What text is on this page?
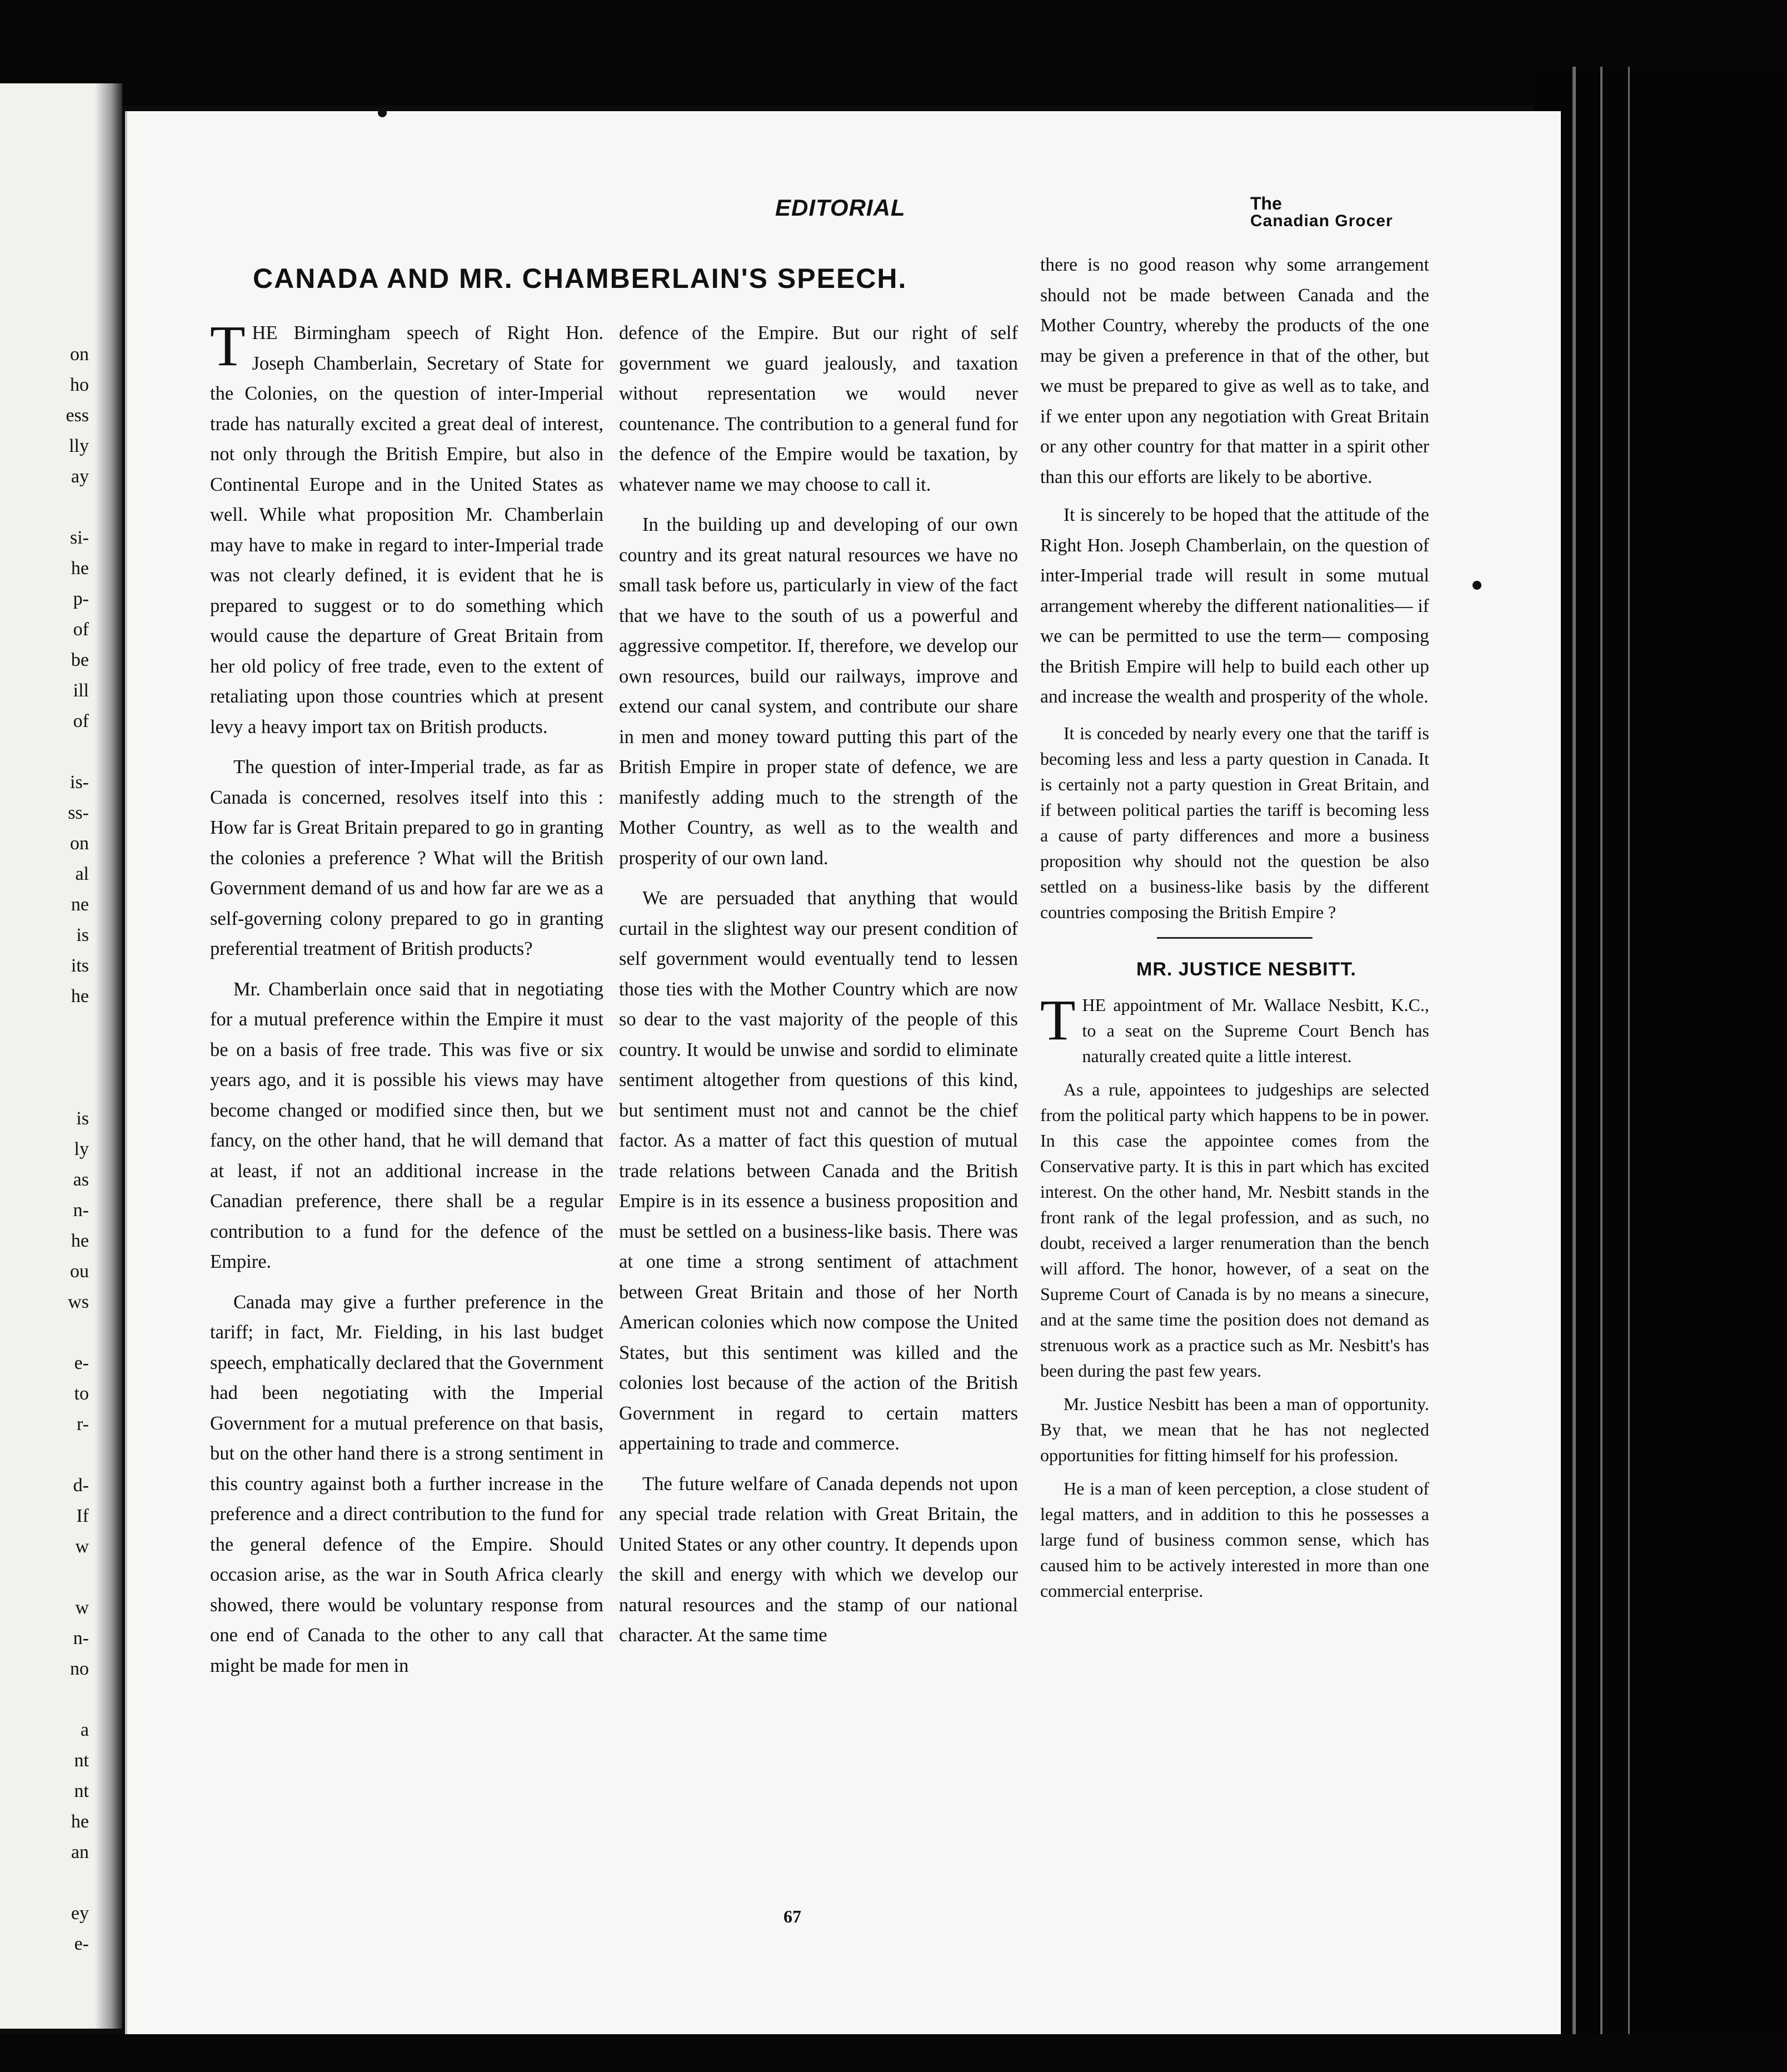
on
ho
ess
lly
ay
si-
he
p-
of
be
ill
of
is-
ss-
on
al
ne
is
its
he
is
ly
as
n-
he
ou
ws
e-
to
r-
d-
If
w
w
n-
no
a
nt
nt
he
an
ey
e-
EDITORIAL	The
Canadian Grocer
CANADA AND MR. CHAMBERLAIN'S SPEECH.

THE Birmingham speech of Right Hon. Joseph Chamberlain, Secretary of State for the Colonies, on the question of inter-Imperial trade has naturally excited a great deal of interest, not only through the British Empire, but also in Continental Europe and in the United States as well. While what proposition Mr. Chamberlain may have to make in regard to inter-Imperial trade was not clearly defined, it is evident that he is prepared to suggest or to do something which would cause the departure of Great Britain from her old policy of free trade, even to the extent of retaliating upon those countries which at present levy a heavy import tax on British products.

The question of inter-Imperial trade, as far as Canada is concerned, resolves itself into this : How far is Great Britain prepared to go in granting the colonies a preference ? What will the British Government demand of us and how far are we as a self-governing colony prepared to go in granting preferential treatment of British products?

Mr. Chamberlain once said that in negotiating for a mutual preference within the Empire it must be on a basis of free trade. This was five or six years ago, and it is possible his views may have become changed or modified since then, but we fancy, on the other hand, that he will demand that at least, if not an additional increase in the Canadian preference, there shall be a regular contribution to a fund for the defence of the Empire.

Canada may give a further preference in the tariff; in fact, Mr. Fielding, in his last budget speech, emphatically declared that the Government had been negotiating with the Imperial Government for a mutual preference on that basis, but on the other hand there is a strong sentiment in this country against both a further increase in the preference and a direct contribution to the fund for the general defence of the Empire. Should occasion arise, as the war in South Africa clearly showed, there would be voluntary response from one end of Canada to the other to any call that might be made for men in

defence of the Empire. But our right of self government we guard jealously, and taxation without representation we would never countenance. The contribution to a general fund for the defence of the Empire would be taxation, by whatever name we may choose to call it.

In the building up and developing of our own country and its great natural resources we have no small task before us, particularly in view of the fact that we have to the south of us a powerful and aggressive competitor. If, therefore, we develop our own resources, build our railways, improve and extend our canal system, and contribute our share in men and money toward putting this part of the British Empire in proper state of defence, we are manifestly adding much to the strength of the Mother Country, as well as to the wealth and prosperity of our own land.

We are persuaded that anything that would curtail in the slightest way our present condition of self government would eventually tend to lessen those ties with the Mother Country which are now so dear to the vast majority of the people of this country. It would be unwise and sordid to eliminate sentiment altogether from questions of this kind, but sentiment must not and cannot be the chief factor. As a matter of fact this question of mutual trade relations between Canada and the British Empire is in its essence a business proposition and must be settled on a business-like basis. There was at one time a strong sentiment of attachment between Great Britain and those of her North American colonies which now compose the United States, but this sentiment was killed and the colonies lost because of the action of the British Government in regard to certain matters appertaining to trade and commerce.

The future welfare of Canada depends not upon any special trade relation with Great Britain, the United States or any other country. It depends upon the skill and energy with which we develop our natural resources and the stamp of our national character. At the same time

there is no good reason why some arrangement should not be made between Canada and the Mother Country, whereby the products of the one may be given a preference in that of the other, but we must be prepared to give as well as to take, and if we enter upon any negotiation with Great Britain or any other country for that matter in a spirit other than this our efforts are likely to be abortive.

It is sincerely to be hoped that the attitude of the Right Hon. Joseph Chamberlain, on the question of inter-Imperial trade will result in some mutual arrangement whereby the different nationalities— if we can be permitted to use the term— composing the British Empire will help to build each other up and increase the wealth and prosperity of the whole.

It is conceded by nearly every one that the tariff is becoming less and less a party question in Canada. It is certainly not a party question in Great Britain, and if between political parties the tariff is becoming less a cause of party differences and more a business proposition why should not the question be also settled on a business-like basis by the different countries composing the British Empire ?

MR. JUSTICE NESBITT.

THE appointment of Mr. Wallace Nesbitt, K.C., to a seat on the Supreme Court Bench has naturally created quite a little interest.

As a rule, appointees to judgeships are selected from the political party which happens to be in power. In this case the appointee comes from the Conservative party. It is this in part which has excited interest. On the other hand, Mr. Nesbitt stands in the front rank of the legal profession, and as such, no doubt, received a larger renumeration than the bench will afford. The honor, however, of a seat on the Supreme Court of Canada is by no means a sinecure, and at the same time the position does not demand as strenuous work as a practice such as Mr. Nesbitt's has been during the past few years.

Mr. Justice Nesbitt has been a man of opportunity. By that, we mean that he has not neglected opportunities for fitting himself for his profession.

He is a man of keen perception, a close student of legal matters, and in addition to this he possesses a large fund of business common sense, which has caused him to be actively interested in more than one commercial enterprise.

67
